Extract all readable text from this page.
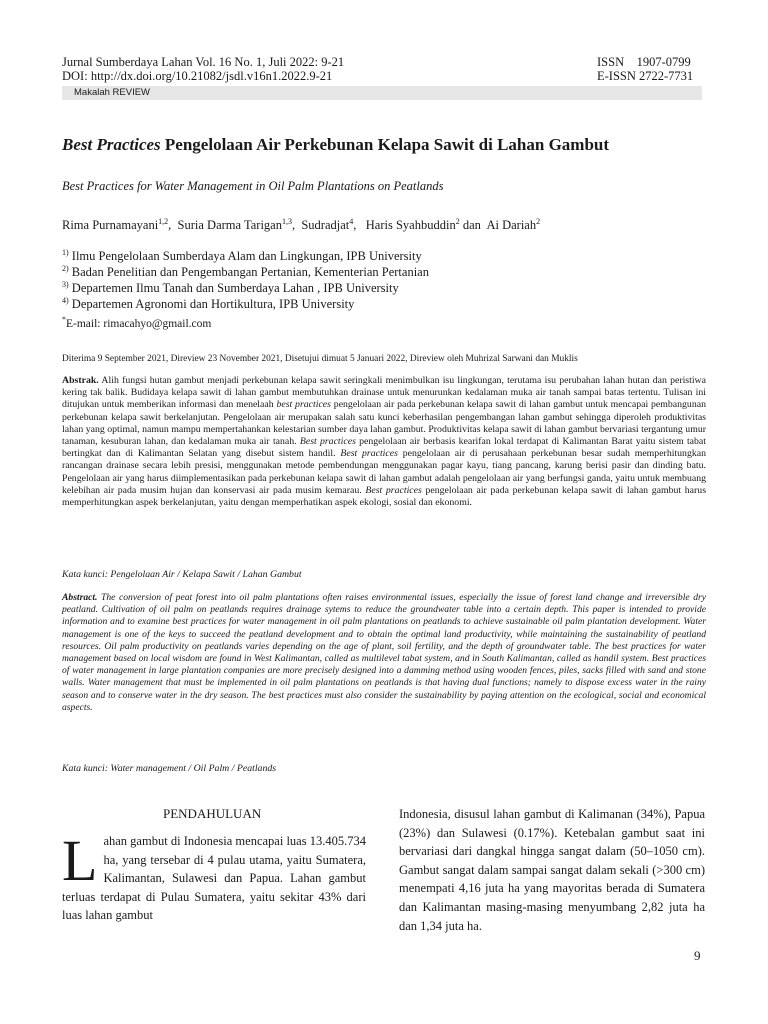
Jurnal Sumberdaya Lahan Vol. 16 No. 1, Juli 2022: 9-21
DOI: http://dx.doi.org/10.21082/jsdl.v16n1.2022.9-21
ISSN    1907-0799
E-ISSN 2722-7731
Makalah REVIEW
Best Practices Pengelolaan Air Perkebunan Kelapa Sawit di Lahan Gambut
Best Practices for Water Management in Oil Palm Plantations on Peatlands
Rima Purnamayani$^{1,2}$,  Suria Darma Tarigan$^{1,3}$,  Sudradjat$^4$,   Haris Syahbuddin$^2$ dan  Ai Dariah$^2$
$^{1)}$ Ilmu Pengelolaan Sumberdaya Alam dan Lingkungan, IPB University
$^{2)}$ Badan Penelitian dan Pengembangan Pertanian, Kementerian Pertanian
$^{3)}$ Departemen Ilmu Tanah dan Sumberdaya Lahan , IPB University
$^{4)}$ Departemen Agronomi dan Hortikultura, IPB University
*E-mail: rimacahyo@gmail.com
Diterima 9 September 2021, Direview 23 November 2021, Disetujui dimuat 5 Januari 2022, Direview oleh Muhrizal Sarwani dan Muklis
Abstrak. Alih fungsi hutan gambut menjadi perkebunan kelapa sawit seringkali menimbulkan isu lingkungan, terutama isu perubahan lahan hutan dan peristiwa kering tak balik. Budidaya kelapa sawit di lahan gambut membutuhkan drainase untuk menurunkan kedalaman muka air tanah sampai batas tertentu. Tulisan ini ditujukan untuk memberikan informasi dan menelaah best practices pengelolaan air pada perkebunan kelapa sawit di lahan gambut untuk mencapai pembangunan perkebunan kelapa sawit berkelanjutan. Pengelolaan air merupakan salah satu kunci keberhasilan pengembangan lahan gambut sehingga diperoleh produktivitas lahan yang optimal, namun mampu mempertahankan kelestarian sumber daya lahan gambut. Produktivitas kelapa sawit di lahan gambut bervariasi tergantung umur tanaman, kesuburan lahan, dan kedalaman muka air tanah. Best practices pengelolaan air berbasis kearifan lokal terdapat di Kalimantan Barat yaitu sistem tabat bertingkat dan di Kalimantan Selatan yang disebut sistem handil. Best practices pengelolaan air di perusahaan perkebunan besar sudah memperhitungkan rancangan drainase secara lebih presisi, menggunakan metode pembendungan menggunakan pagar kayu, tiang pancang, karung berisi pasir dan dinding batu. Pengelolaan air yang harus diimplementasikan pada perkebunan kelapa sawit di lahan gambut adalah pengelolaan air yang berfungsi ganda, yaitu untuk membuang kelebihan air pada musim hujan dan konservasi air pada musim kemarau. Best practices pengelolaan air pada perkebunan kelapa sawit di lahan gambut harus memperhitungkan aspek berkelanjutan, yaitu dengan memperhatikan aspek ekologi, sosial dan ekonomi.
Kata kunci: Pengelolaan Air / Kelapa Sawit / Lahan Gambut
Abstract. The conversion of peat forest into oil palm plantations often raises environmental issues, especially the issue of forest land change and irreversible dry peatland. Cultivation of oil palm on peatlands requires drainage sytems to reduce the groundwater table into a certain depth. This paper is intended to provide information and to examine best practices for water management in oil palm plantations on peatlands to achieve sustainable oil palm plantation development. Water management is one of the keys to succeed the peatland development and to obtain the optimal land productivity, while maintaining the sustainability of peatland resources. Oil palm productivity on peatlands varies depending on the age of plant, soil fertility, and the depth of groundwater table. The best practices for water management based on local wisdom are found in West Kalimantan, called as multilevel tabat system, and in South Kalimantan, called as handil system. Best practices of water management in large plantation companies are more precisely designed into a damming method using wooden fences, piles, sacks filled with sand and stone walls. Water management that must be implemented in oil palm plantations on peatlands is that having dual functions; namely to dispose excess water in the rainy season and to conserve water in the dry season. The best practices must also consider the sustainability by paying attention on the ecological, social and economical aspects.
Kata kunci: Water management / Oil Palm / Peatlands
PENDAHULUAN
Lahan gambut di Indonesia mencapai luas 13.405.734 ha, yang tersebar di 4 pulau utama, yaitu Sumatera, Kalimantan, Sulawesi dan Papua. Lahan gambut terluas terdapat di Pulau Sumatera, yaitu sekitar 43% dari luas lahan gambut
Indonesia, disusul lahan gambut di Kalimanan (34%), Papua (23%) dan Sulawesi (0.17%). Ketebalan gambut saat ini bervariasi dari dangkal hingga sangat dalam (50–1050 cm). Gambut sangat dalam sampai sangat dalam sekali (>300 cm) menempati 4,16 juta ha yang mayoritas berada di Sumatera dan Kalimantan masing-masing menyumbang 2,82 juta ha dan 1,34 juta ha.
9
